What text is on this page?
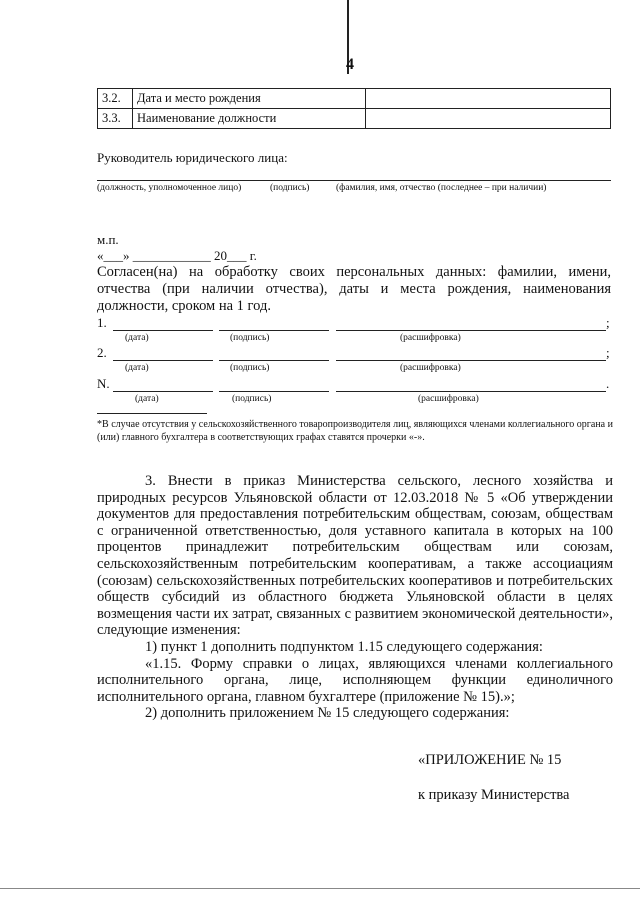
4
3.2.	Дата и место рождения	
3.3.	Наименование должности	
Руководитель юридического лица:
(должность, уполномоченное лицо)	(подпись)	(фамилия, имя, отчество (последнее – при наличии)
м.п.
«___» ____________ 20___ г.
Согласен(на) на обработку своих персональных данных: фамилии, имени, отчества (при наличии отчества), даты и места рождения, наименования должности, сроком на 1 год.
1.	;
(дата)	(подпись)	(расшифровка)
2.	;
(дата)	(подпись)	(расшифровка)
N.	.
(дата)	(подпись)	(расшифровка)
*В случае отсутствия у сельскохозяйственного товаропроизводителя лиц, являющихся членами коллегиального органа и (или) главного бухгалтера в соответствующих графах ставятся прочерки «-».

3. Внести в приказ Министерства сельского, лесного хозяйства и природных ресурсов Ульяновской области от 12.03.2018 № 5 «Об утверждении документов для предоставления потребительским обществам, союзам, обществам с ограниченной ответственностью, доля уставного капитала в которых на 100 процентов принадлежит потребительским обществам или союзам, сельскохозяйственным потребительским кооперативам, а также ассоциациям (союзам) сельскохозяйственных потребительских кооперативов и потребительских обществ субсидий из областного бюджета Ульяновской области в целях возмещения части их затрат, связанных с развитием экономической деятельности», следующие изменения:

1) пункт 1 дополнить подпунктом 1.15 следующего содержания:

«1.15. Форму справки о лицах, являющихся членами коллегиального исполнительного органа, лице, исполняющем функции единоличного исполнительного органа, главном бухгалтере (приложение № 15).»;

2) дополнить приложением № 15 следующего содержания:

«ПРИЛОЖЕНИЕ № 15
к приказу Министерства
